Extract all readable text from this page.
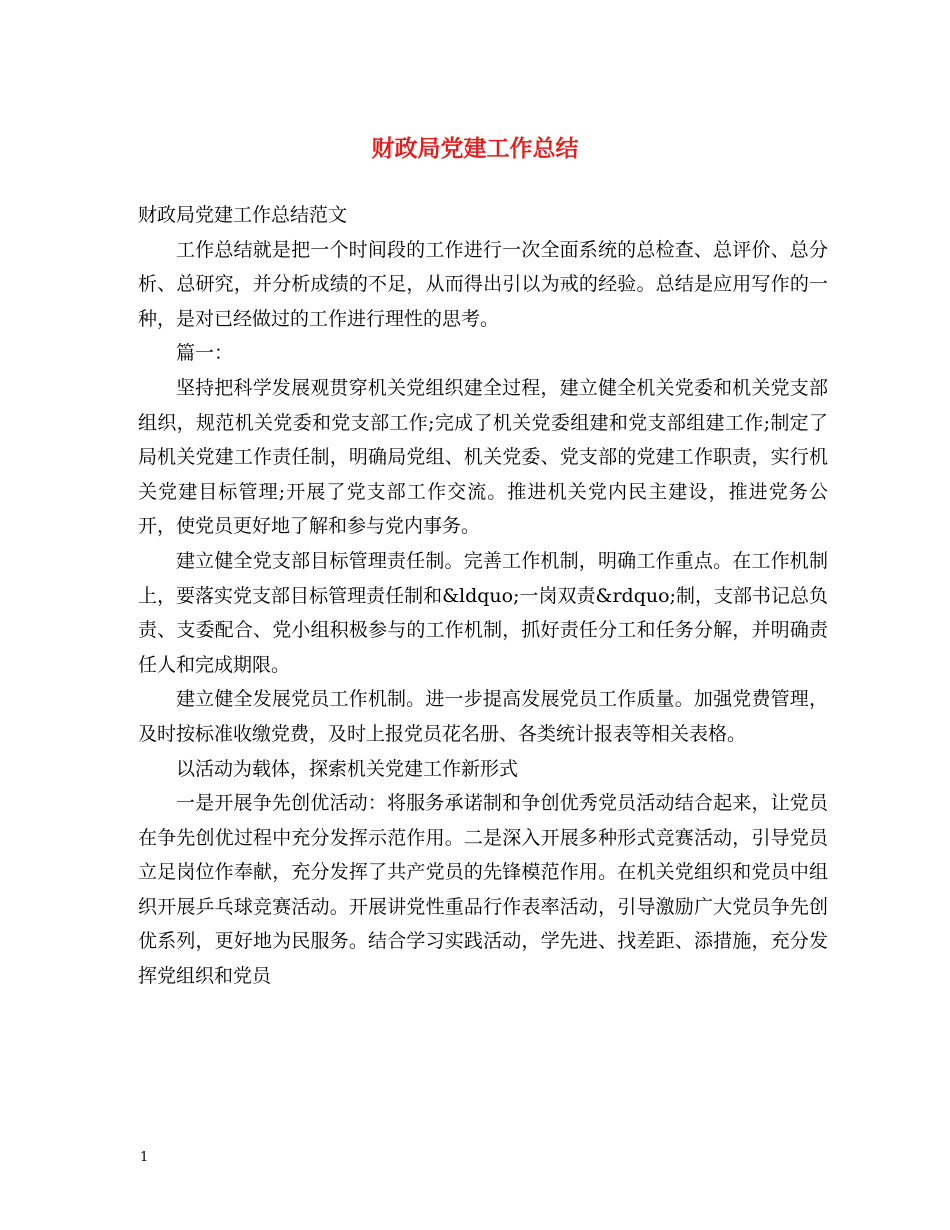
财政局党建工作总结

财政局党建工作总结范文

工作总结就是把一个时间段的工作进行一次全面系统的总检查、总评价、总分析、总研究，并分析成绩的不足，从而得出引以为戒的经验。总结是应用写作的一种，是对已经做过的工作进行理性的思考。

篇一：

坚持把科学发展观贯穿机关党组织建全过程，建立健全机关党委和机关党支部组织，规范机关党委和党支部工作;完成了机关党委组建和党支部组建工作;制定了局机关党建工作责任制，明确局党组、机关党委、党支部的党建工作职责，实行机关党建目标管理;开展了党支部工作交流。推进机关党内民主建设，推进党务公开，使党员更好地了解和参与党内事务。

建立健全党支部目标管理责任制。完善工作机制，明确工作重点。在工作机制上，要落实党支部目标管理责任制和&ldquo;一岗双责&rdquo;制，支部书记总负责、支委配合、党小组积极参与的工作机制，抓好责任分工和任务分解，并明确责任人和完成期限。

建立健全发展党员工作机制。进一步提高发展党员工作质量。加强党费管理，及时按标准收缴党费，及时上报党员花名册、各类统计报表等相关表格。

以活动为载体，探索机关党建工作新形式

一是开展争先创优活动：将服务承诺制和争创优秀党员活动结合起来，让党员在争先创优过程中充分发挥示范作用。二是深入开展多种形式竞赛活动，引导党员立足岗位作奉献，充分发挥了共产党员的先锋模范作用。在机关党组织和党员中组织开展乒乓球竞赛活动。开展讲党性重品行作表率活动，引导激励广大党员争先创优系列，更好地为民服务。结合学习实践活动，学先进、找差距、添措施，充分发挥党组织和党员

1
